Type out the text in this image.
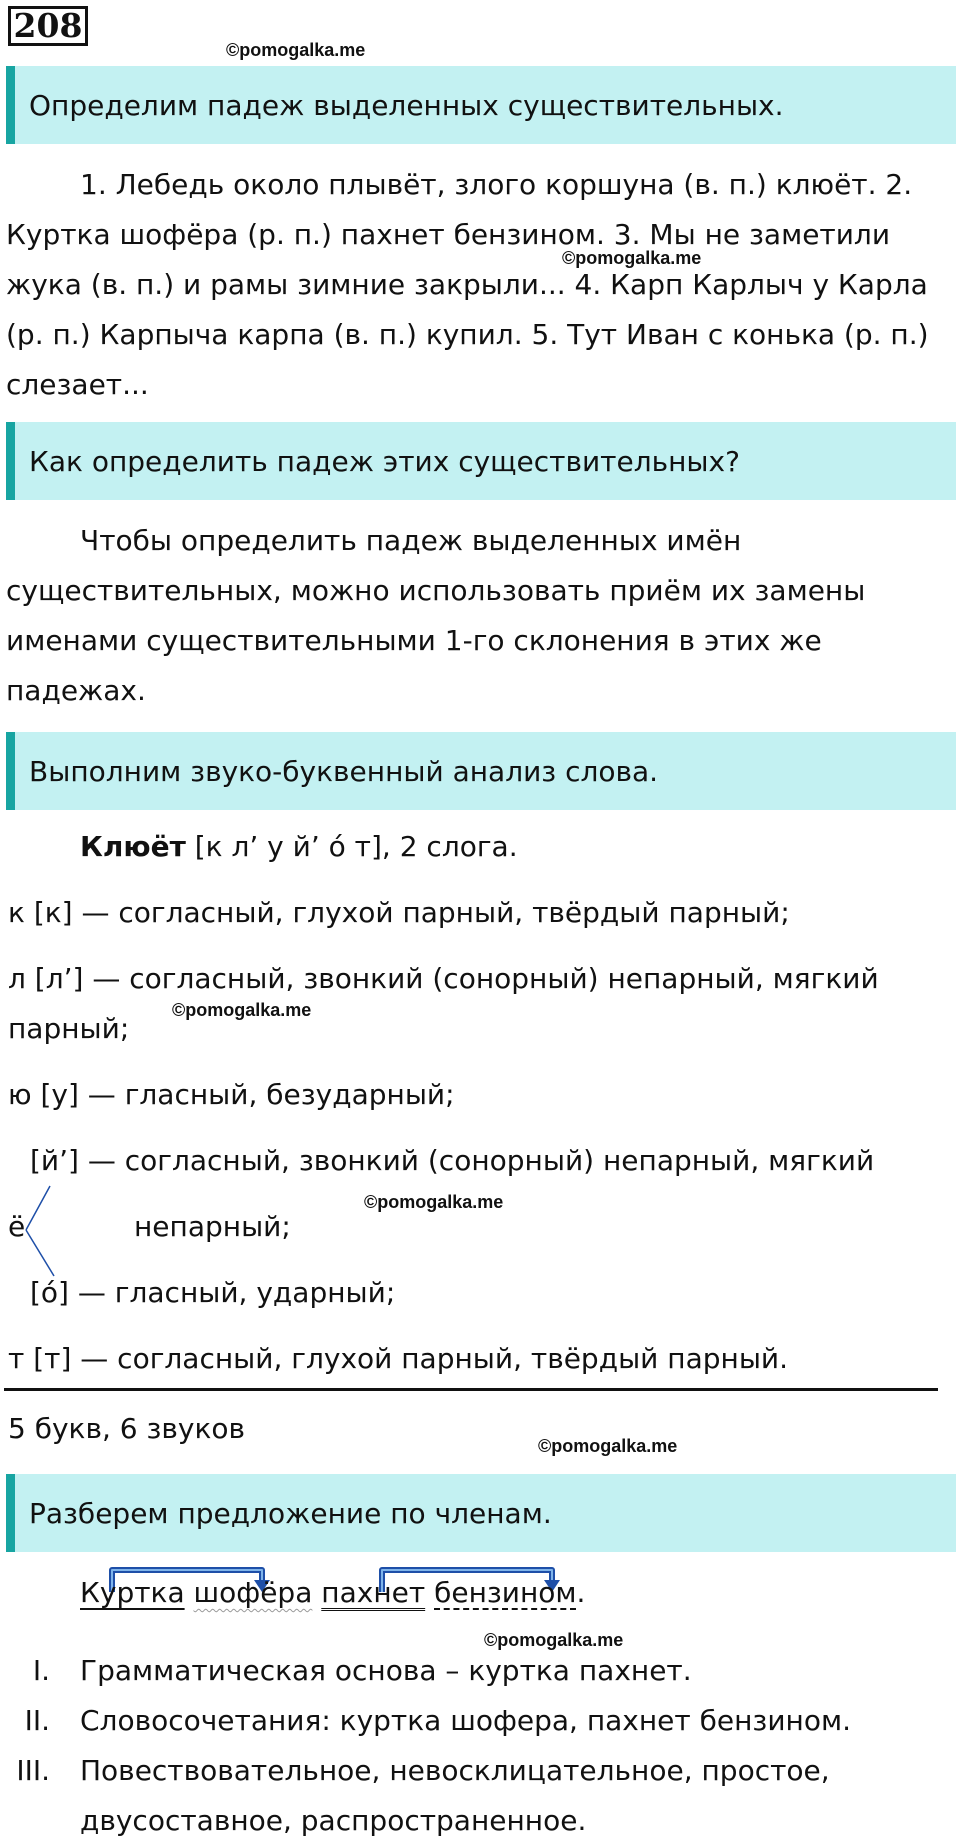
208
©pomogalka.me
Определим падеж выделенных существительных.
1. Лебедь около плывёт, злого коршуна (в. п.) клюёт. 2. Куртка шофёра (р. п.) пахнет бензином. 3. Мы не заметили жука (в. п.) и рамы зимние закрыли... 4. Карп Карлыч у Карла (р. п.) Карпыча карпа (в. п.) купил. 5. Тут Иван с конька (р. п.) слезает...
©pomogalka.me
Как определить падеж этих существительных?
Чтобы определить падеж выделенных имён существительных, можно использовать приём их замены именами существительными 1-го склонения в этих же падежах.
Выполним звуко-буквенный анализ слова.
Клюёт [к л’ у й’ о́ т], 2 слога.
к [к] — согласный, глухой парный, твёрдый парный;
л [л’] — согласный, звонкий (сонорный) непарный, мягкий
парный;
©pomogalka.me
ю [у] — гласный, безударный;
[й’] — согласный, звонкий (сонорный) непарный, мягкий
ё	непарный;
©pomogalka.me
[о́] — гласный, ударный;
т [т] — согласный, глухой парный, твёрдый парный.
5 букв, 6 звуков
©pomogalka.me
Разберем предложение по членам.
Куртка шофёра пахнет бензином.
©pomogalka.me
I. Грамматическая основа – куртка пахнет.
II. Словосочетания: куртка шофера, пахнет бензином.
III. Повествовательное, невосклицательное, простое, двусоставное, распространенное.
